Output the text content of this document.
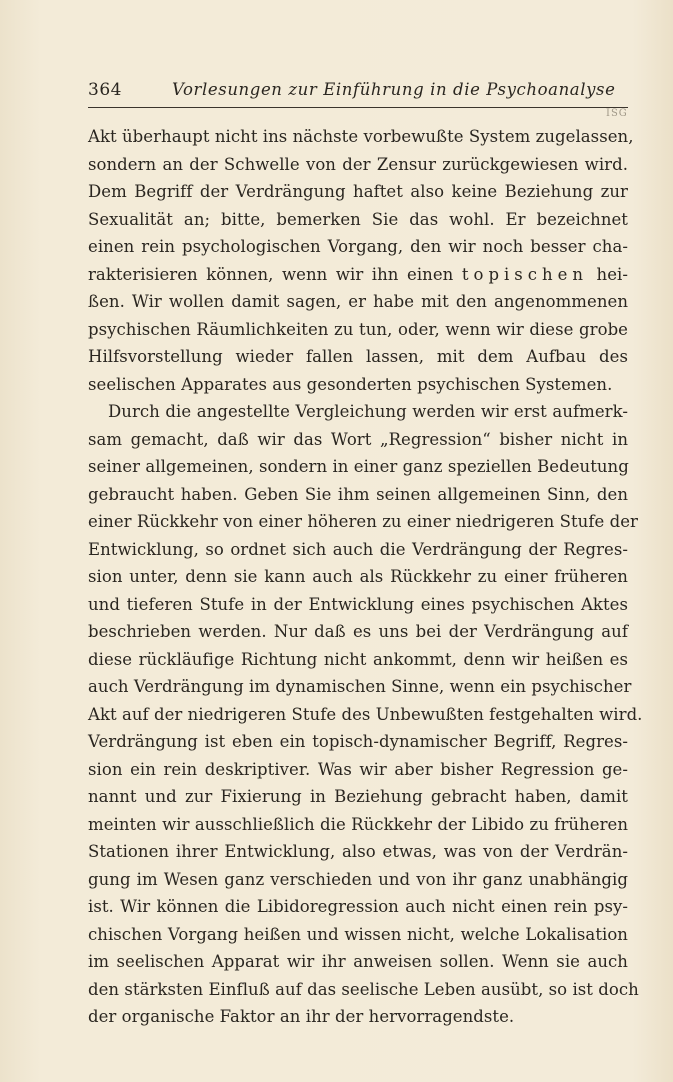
364	Vorlesungen zur Einführung in die Psychoanalyse
ISG
Akt überhaupt nicht ins nächste vorbewußte System zugelassen,
sondern an der Schwelle von der Zensur zurückgewiesen wird.
Dem Begriff der Verdrängung haftet also keine Beziehung zur
Sexualität an; bitte, bemerken Sie das wohl. Er bezeichnet
einen rein psychologischen Vorgang, den wir noch besser cha-
rakterisieren können, wenn wir ihn einen topischen hei-
ßen. Wir wollen damit sagen, er habe mit den angenommenen
psychischen Räumlichkeiten zu tun, oder, wenn wir diese grobe
Hilfsvorstellung wieder fallen lassen, mit dem Aufbau des
seelischen Apparates aus gesonderten psychischen Systemen.
Durch die angestellte Vergleichung werden wir erst aufmerk-
sam gemacht, daß wir das Wort „Regression“ bisher nicht in
seiner allgemeinen, sondern in einer ganz speziellen Bedeutung
gebraucht haben. Geben Sie ihm seinen allgemeinen Sinn, den
einer Rückkehr von einer höheren zu einer niedrigeren Stufe der
Entwicklung, so ordnet sich auch die Verdrängung der Regres-
sion unter, denn sie kann auch als Rückkehr zu einer früheren
und tieferen Stufe in der Entwicklung eines psychischen Aktes
beschrieben werden. Nur daß es uns bei der Verdrängung auf
diese rückläufige Richtung nicht ankommt, denn wir heißen es
auch Verdrängung im dynamischen Sinne, wenn ein psychischer
Akt auf der niedrigeren Stufe des Unbewußten festgehalten wird.
Verdrängung ist eben ein topisch-dynamischer Begriff, Regres-
sion ein rein deskriptiver. Was wir aber bisher Regression ge-
nannt und zur Fixierung in Beziehung gebracht haben, damit
meinten wir ausschließlich die Rückkehr der Libido zu früheren
Stationen ihrer Entwicklung, also etwas, was von der Verdrän-
gung im Wesen ganz verschieden und von ihr ganz unabhängig
ist. Wir können die Libidoregression auch nicht einen rein psy-
chischen Vorgang heißen und wissen nicht, welche Lokalisation
im seelischen Apparat wir ihr anweisen sollen. Wenn sie auch
den stärksten Einfluß auf das seelische Leben ausübt, so ist doch
der organische Faktor an ihr der hervorragendste.
